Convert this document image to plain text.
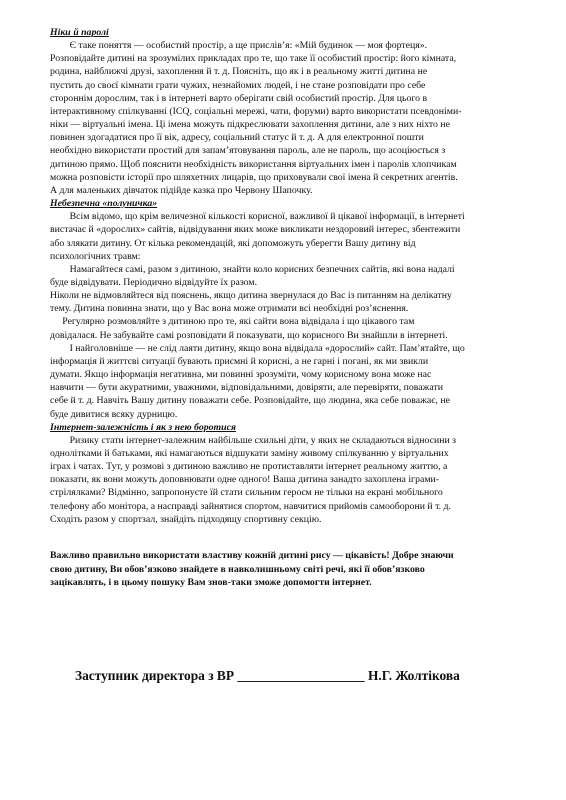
Ніки й паролі
Є таке поняття — особистий простір, а ще прислів’я: «Мій будинок — моя фортеця».
Розповідайте дитині на зрозумілих прикладах про те, що таке її особистий простір: його кімната,
родина, найближчі друзі, захоплення й т. д. Поясніть, що як і в реальному житті дитина не
пустить до своєї кімнати грати чужих, незнайомих людей, і не стане розповідати про себе
стороннім дорослим, так і в інтернеті варто оберігати свій особистий простір. Для цього в
інтерактивному спілкуванні (ICQ, соціальні мережі, чати, форуми) варто використати псевдоніми-
ніки — віртуальні імена. Ці імена можуть підкреслювати захоплення дитини, але з них ніхто не
повинен здогадатися про її вік, адресу, соціальний статус й т. д. А для електронної пошти
необхідно використати простий для запам’ятовування пароль, але не пароль, що асоціюється з
дитиною прямо. Щоб пояснити необхідність використання віртуальних імен і паролів хлопчикам
можна розповісти історії про шляхетних лицарів, що приховували свої імена й секретних агентів.
А для маленьких дівчаток підійде казка про Червону Шапочку.
Небезпечна «полуничка»
Всім відомо, що крім величезної кількості корисної, важливої й цікавої інформації, в інтернеті
вистачає й «дорослих» сайтів, відвідування яких може викликати нездоровий інтерес, збентежити
або злякати дитину. От кілька рекомендацій, які допоможуть уберегти Вашу дитину від
психологічних травм:
Намагайтеся самі, разом з дитиною, знайти коло корисних безпечних сайтів, які вона надалі
буде відвідувати. Періодично відвідуйте їх разом.
Ніколи не відмовляйтеся від пояснень, якщо дитина звернулася до Вас із питанням на делікатну
тему. Дитина повинна знати, що у Вас вона може отримати всі необхідні роз’яснення.
Регулярно розмовляйте з дитиною про те, які сайти вона відвідала і що цікавого там
довідалася. Не забувайте самі розповідати й показувати, що корисного Ви знайшли в інтернеті.
І найголовніше — не слід лаяти дитину, якщо вона відвідала «дорослий» сайт. Пам’ятайте, що
інформація й життєві ситуації бувають приємні й корисні, а не гарні і погані, як ми звикли
думати. Якщо інформація негативна, ми повинні зрозуміти, чому корисному вона може нас
навчити — бути акуратними, уважними, відповідальними, довіряти, але перевіряти, поважати
себе й т. д. Навчіть Вашу дитину поважати себе. Розповідайте, що людина, яка себе поважає, не
буде дивитися всяку дурницю.
Інтернет-залежність і як з нею боротися
Ризику стати інтернет-залежним найбільше схильні діти, у яких не складаються відносини з
однолітками й батьками, які намагаються відшукати заміну живому спілкуванню у віртуальних
іграх і чатах. Тут, у розмові з дитиною важливо не протиставляти інтернет реальному життю, а
показати, як вони можуть доповнювати одне одного! Ваша дитина занадто захоплена іграми-
стрілялками? Відмінно, запропонуєте їй стати сильним героєм не тільки на екрані мобільного
телефону або монітора, а насправді зайнятися спортом, навчитися прийомів самооборони й т. д.
Сходіть разом у спортзал, знайдіть підходящу спортивну секцію.
Важливо правильно використати властиву кожній дитині рису — цікавість! Добре знаючи
свою дитину, Ви обов’язково знайдете в навколишньому світі речі, які її обов’язково
зацікавлять, і в цьому пошуку Вам знов-таки зможе допомогти інтернет.
Заступник директора з ВР ___________________ Н.Г. Жолтікова
